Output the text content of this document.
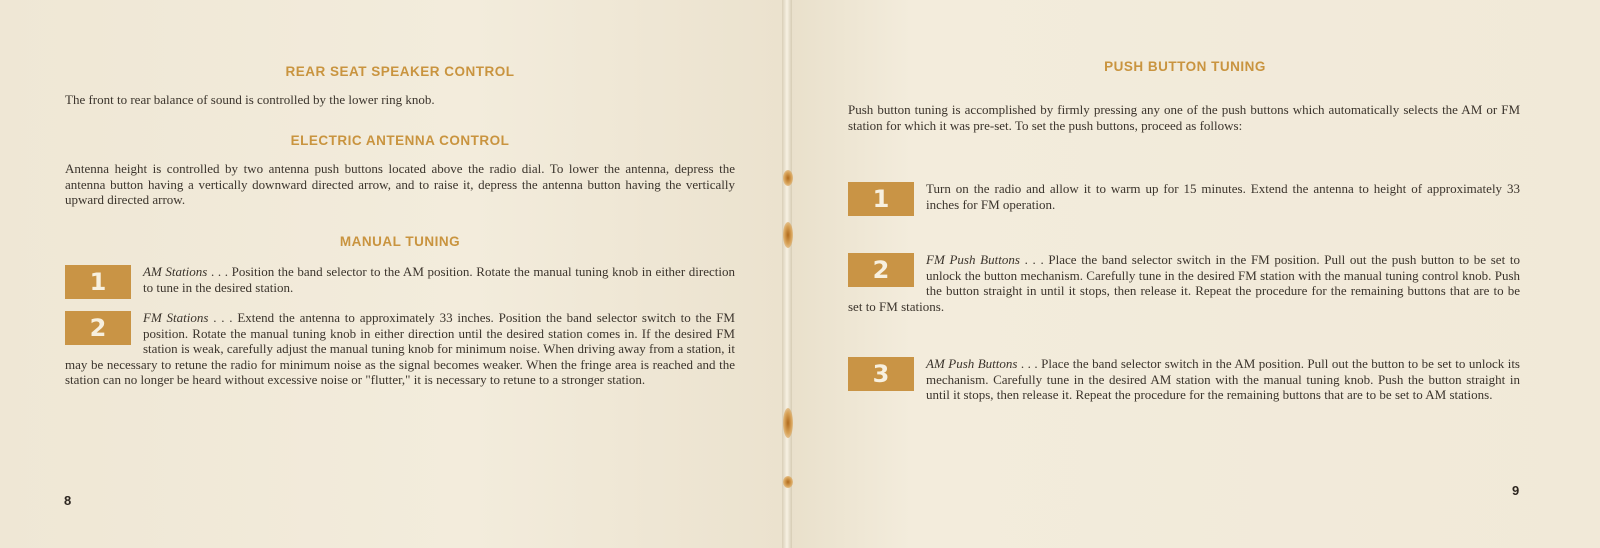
REAR SEAT SPEAKER CONTROL

The front to rear balance of sound is controlled by the lower ring knob.

ELECTRIC ANTENNA CONTROL

Antenna height is controlled by two antenna push buttons located above the radio dial. To lower the antenna, depress the antenna button having a vertically downward directed arrow, and to raise it, depress the antenna button having the vertically upward directed arrow.

MANUAL TUNING

1	AM Stations . . . Position the band selector to the AM position. Rotate the manual tuning knob in either direction to tune in the desired station.

2	FM Stations . . . Extend the antenna to approximately 33 inches. Position the band selector switch to the FM position. Rotate the manual tuning knob in either direction until the desired station comes in. If the desired FM station is weak, carefully adjust the manual tuning knob for minimum noise. When driving away from a station, it may be necessary to retune the radio for minimum noise as the signal becomes weaker. When the fringe area is reached and the station can no longer be heard without excessive noise or "flutter," it is necessary to retune to a stronger station.

8
PUSH BUTTON TUNING

Push button tuning is accomplished by firmly pressing any one of the push buttons which automatically selects the AM or FM station for which it was pre-set. To set the push buttons, proceed as follows:

1	Turn on the radio and allow it to warm up for 15 minutes. Extend the antenna to height of approximately 33 inches for FM operation.

2	FM Push Buttons . . . Place the band selector switch in the FM position. Pull out the push button to be set to unlock the button mechanism. Carefully tune in the desired FM station with the manual tuning control knob. Push the button straight in until it stops, then release it. Repeat the procedure for the remaining buttons that are to be set to FM stations.

3	AM Push Buttons . . . Place the band selector switch in the AM position. Pull out the button to be set to unlock its mechanism. Carefully tune in the desired AM station with the manual tuning knob. Push the button straight in until it stops, then release it. Repeat the procedure for the remaining buttons that are to be set to AM stations.

9
